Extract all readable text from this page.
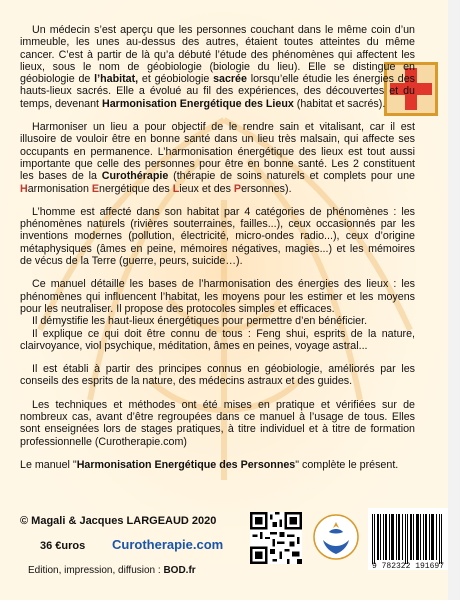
Un médecin s’est aperçu que les personnes couchant dans le même coin d’un immeuble, les unes au-dessus des autres, étaient toutes atteintes du même cancer. C’est à partir de là qu’a débuté l’étude des phénomènes qui affectent les lieux, sous le nom de géobiologie (biologie du lieu). Elle se distingue en géobiologie de l’habitat, et géobiologie sacrée lorsqu’elle étudie les énergies des hauts-lieux sacrés. Elle a évolué au fil des expériences, des découvertes et du temps, devenant Harmonisation Energétique des Lieux (habitat et sacrés).

Harmoniser un lieu a pour objectif de le rendre sain et vitalisant, car il est illusoire de vouloir être en bonne santé dans un lieu très malsain, qui affecte ses occupants en permanence. L’harmonisation énergétique des lieux est tout aussi importante que celle des personnes pour être en bonne santé. Les 2 constituent les bases de la Curothérapie (thérapie de soins naturels et complets pour une Harmonisation Energétique des Lieux et des Personnes).

L’homme est affecté dans son habitat par 4 catégories de phénomènes : les phénomènes naturels (rivières souterraines, failles...), ceux occasionnés par les inventions modernes (pollution, électricité, micro-ondes radio...), ceux d’origine métaphysiques (âmes en peine, mémoires négatives, magies...) et les mémoires de vécus de la Terre (guerre, peurs, suicide…).

Ce manuel détaille les bases de l’harmonisation des énergies des lieux : les phénomènes qui influencent l’habitat, les moyens pour les estimer et les moyens pour les neutraliser. Il propose des protocoles simples et efficaces.

Il démystifie les haut-lieux énergétiques pour permettre d’en bénéficier.

Il explique ce qui doit être connu de tous : Feng shui, esprits de la nature, clairvoyance, viol psychique, méditation, âmes en peines, voyage astral...

Il est établi à partir des principes connus en géobiologie, améliorés par les conseils des esprits de la nature, des médecins astraux et des guides.

Les techniques et méthodes ont été mises en pratique et vérifiées sur de nombreux cas, avant d’être regroupées dans ce manuel à l’usage de tous. Elles sont enseignées lors de stages pratiques, à titre individuel et à titre de formation professionnelle (Curotherapie.com)

Le manuel "Harmonisation Energétique des Personnes" complète le présent.

© Magali & Jacques LARGEAUD 2020
36 €uros Curotherapie.com
Edition, impression, diffusion : BOD.fr	9 782322 191697
